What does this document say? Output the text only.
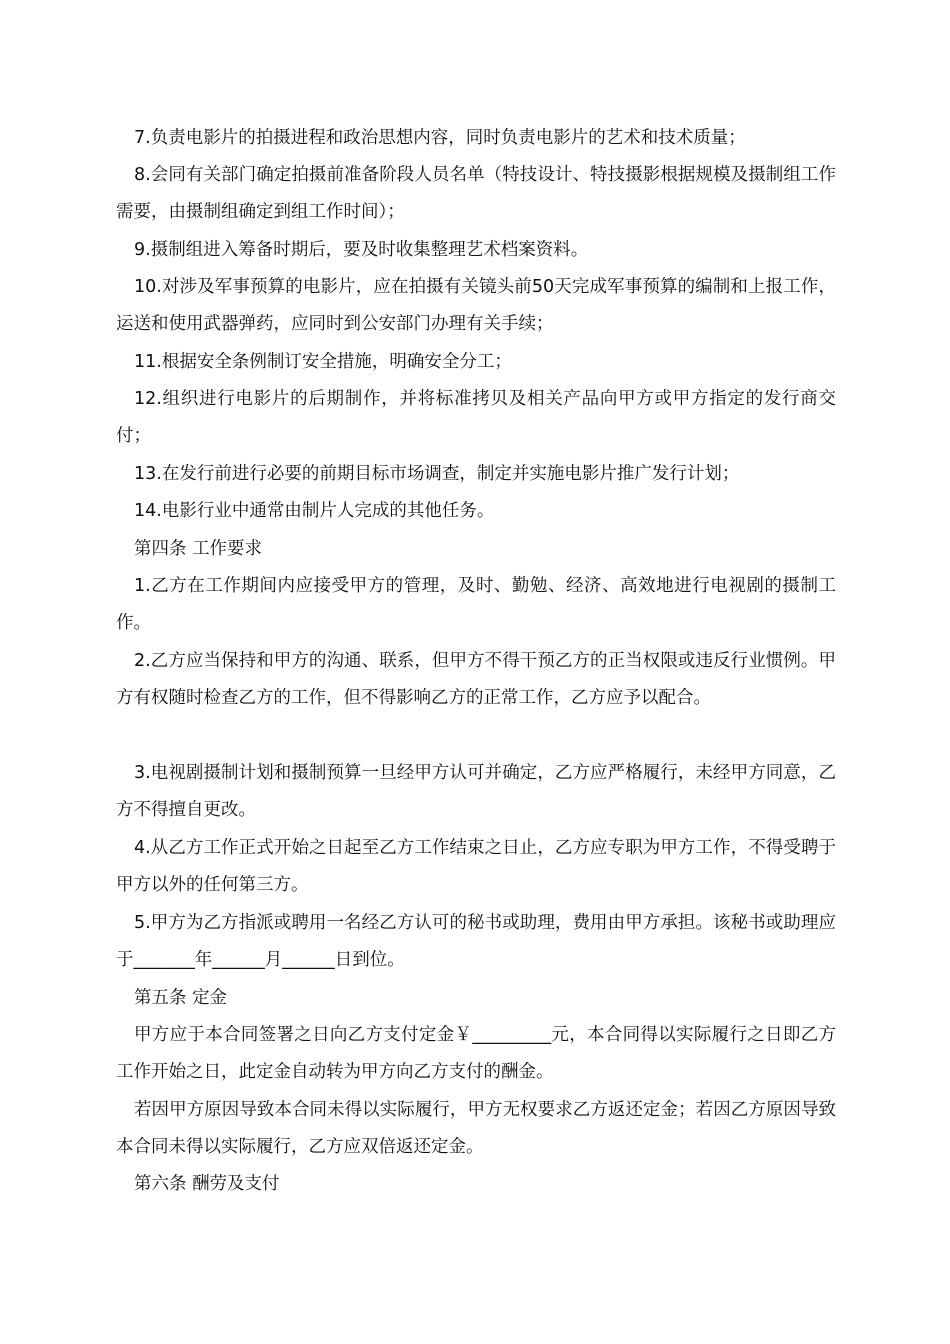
7.负责电影片的拍摄进程和政治思想内容，同时负责电影片的艺术和技术质量；

8.会同有关部门确定拍摄前准备阶段人员名单（特技设计、特技摄影根据规模及摄制组工作需要，由摄制组确定到组工作时间）；

9.摄制组进入筹备时期后，要及时收集整理艺术档案资料。

10.对涉及军事预算的电影片，应在拍摄有关镜头前50天完成军事预算的编制和上报工作，运送和使用武器弹药，应同时到公安部门办理有关手续；

11.根据安全条例制订安全措施，明确安全分工；

12.组织进行电影片的后期制作，并将标准拷贝及相关产品向甲方或甲方指定的发行商交付；

13.在发行前进行必要的前期目标市场调查，制定并实施电影片推广发行计划；

14.电影行业中通常由制片人完成的其他任务。

第四条 工作要求

1.乙方在工作期间内应接受甲方的管理，及时、勤勉、经济、高效地进行电视剧的摄制工作。

2.乙方应当保持和甲方的沟通、联系，但甲方不得干预乙方的正当权限或违反行业惯例。甲方有权随时检查乙方的工作，但不得影响乙方的正常工作，乙方应予以配合。

3.电视剧摄制计划和摄制预算一旦经甲方认可并确定，乙方应严格履行，未经甲方同意，乙方不得擅自更改。

4.从乙方工作正式开始之日起至乙方工作结束之日止，乙方应专职为甲方工作，不得受聘于甲方以外的任何第三方。

5.甲方为乙方指派或聘用一名经乙方认可的秘书或助理，费用由甲方承担。该秘书或助理应于_______年______月______日到位。

第五条 定金

甲方应于本合同签署之日向乙方支付定金￥_________元，本合同得以实际履行之日即乙方工作开始之日，此定金自动转为甲方向乙方支付的酬金。

若因甲方原因导致本合同未得以实际履行，甲方无权要求乙方返还定金；若因乙方原因导致本合同未得以实际履行，乙方应双倍返还定金。

第六条 酬劳及支付
